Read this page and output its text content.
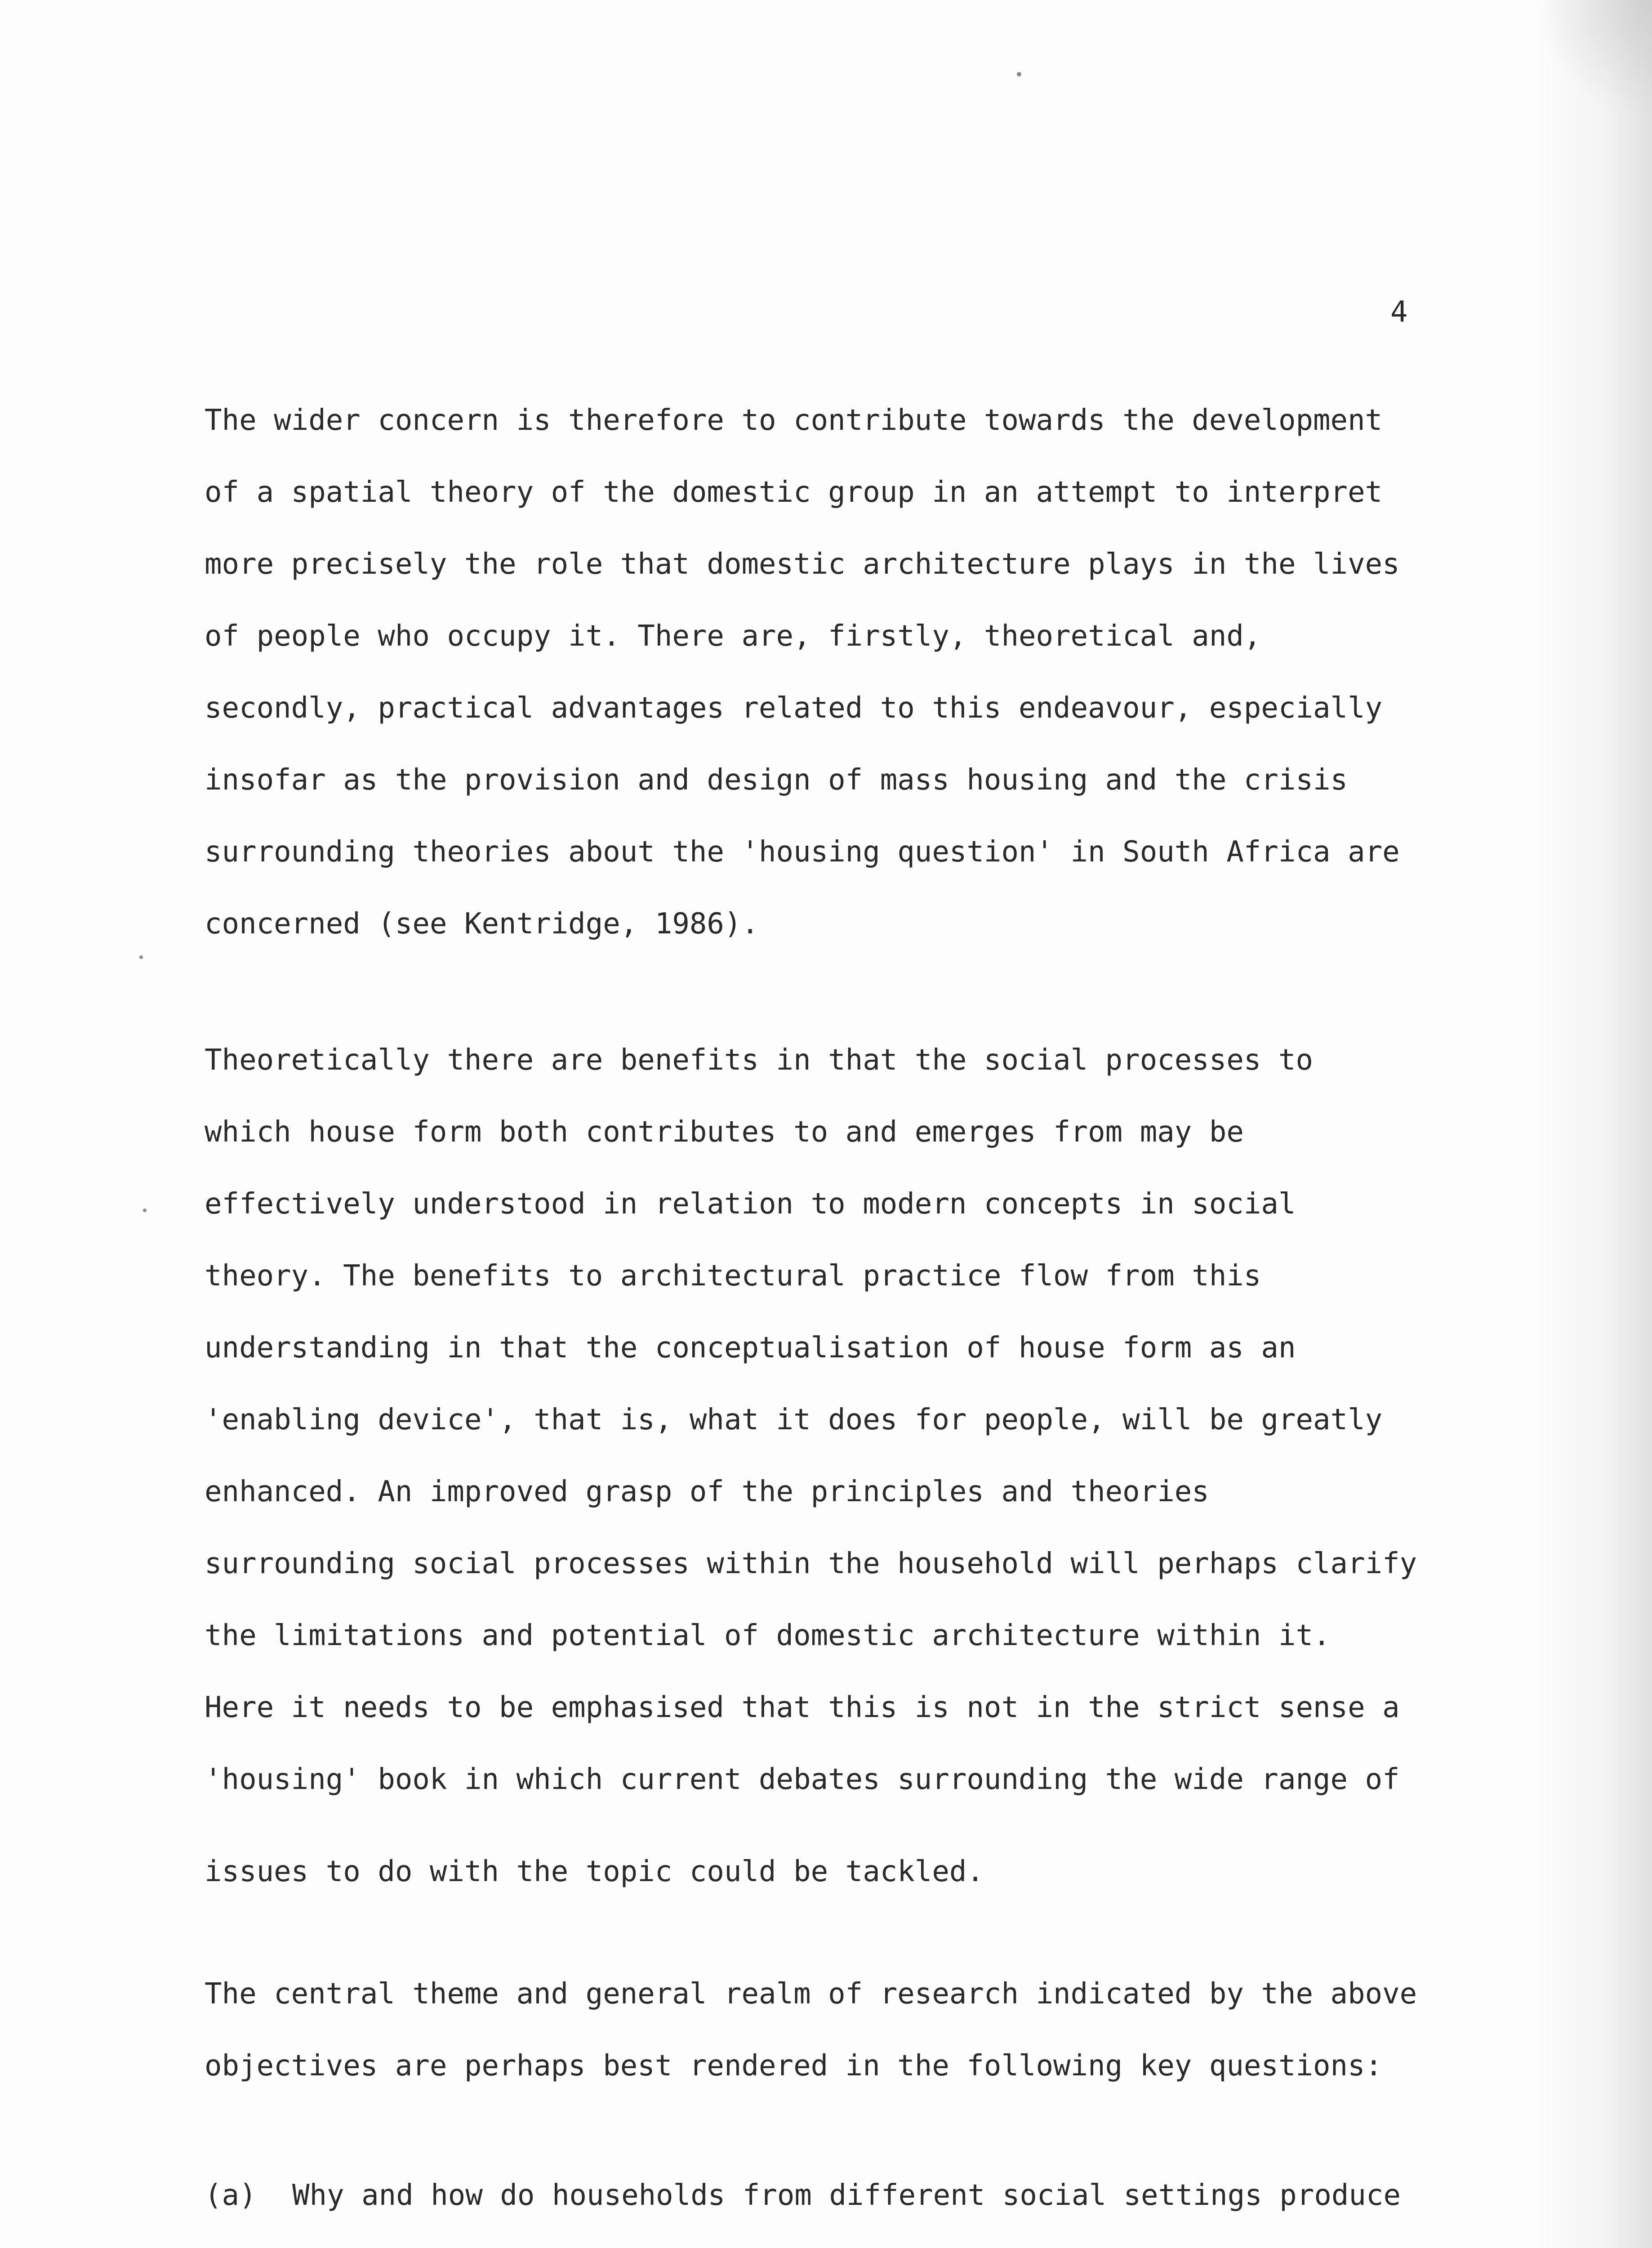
4
The wider concern is therefore to contribute towards the development
of a spatial theory of the domestic group in an attempt to interpret
more precisely the role that domestic architecture plays in the lives
of people who occupy it. There are, firstly, theoretical and,
secondly, practical advantages related to this endeavour, especially
insofar as the provision and design of mass housing and the crisis
surrounding theories about the 'housing question' in South Africa are
concerned (see Kentridge, 1986).
Theoretically there are benefits in that the social processes to
which house form both contributes to and emerges from may be
effectively understood in relation to modern concepts in social
theory. The benefits to architectural practice flow from this
understanding in that the conceptualisation of house form as an
'enabling device', that is, what it does for people, will be greatly
enhanced. An improved grasp of the principles and theories
surrounding social processes within the household will perhaps clarify
the limitations and potential of domestic architecture within it.
Here it needs to be emphasised that this is not in the strict sense a
'housing' book in which current debates surrounding the wide range of
issues to do with the topic could be tackled.
The central theme and general realm of research indicated by the above
objectives are perhaps best rendered in the following key questions:
(a) Why and how do households from different social settings produce
